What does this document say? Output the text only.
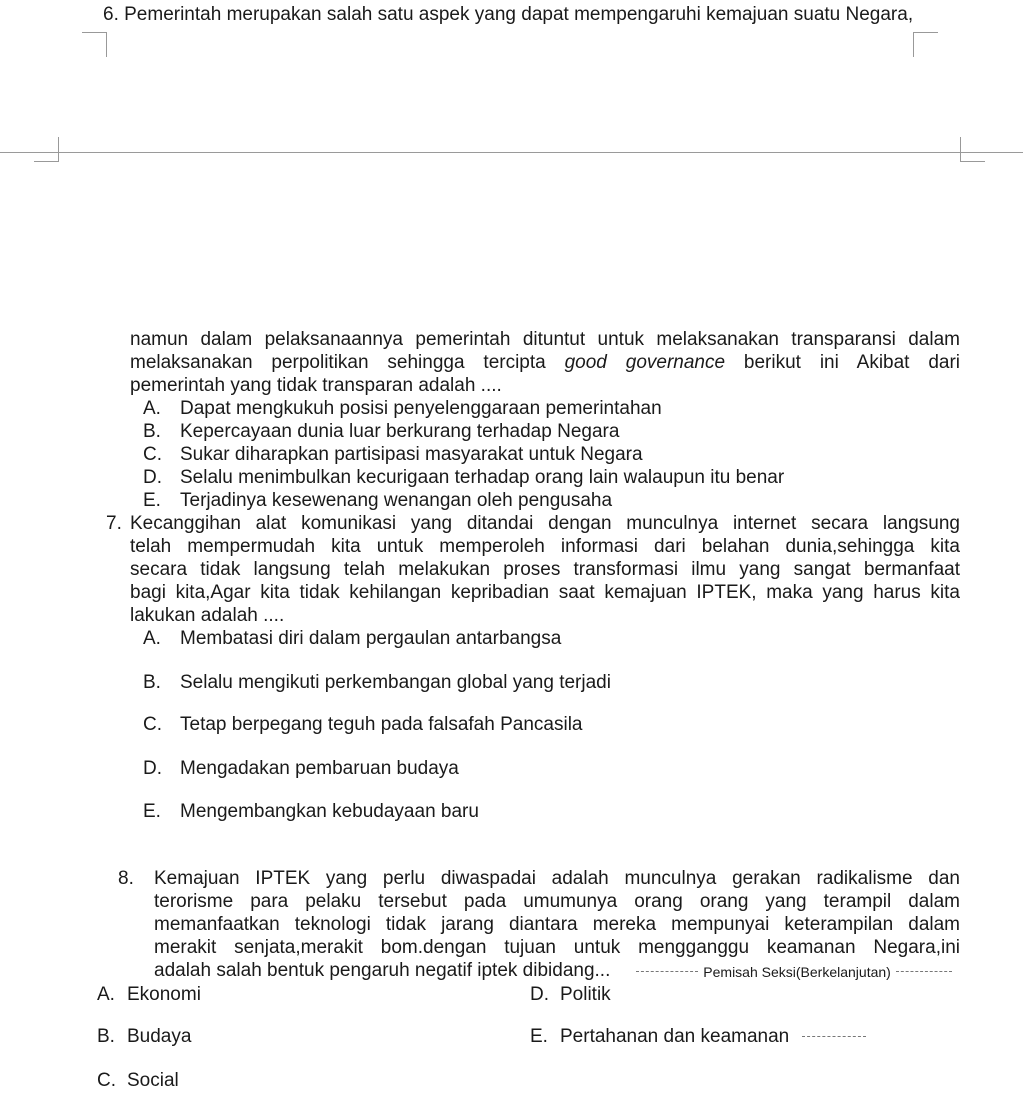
6. Pemerintah merupakan salah satu aspek yang dapat mempengaruhi kemajuan suatu Negara,
namun dalam pelaksanaannya pemerintah dituntut untuk melaksanakan transparansi dalam
melaksanakan perpolitikan sehingga tercipta good governance berikut ini Akibat dari
pemerintah yang tidak transparan adalah ....
A. Dapat mengkukuh posisi penyelenggaraan pemerintahan
B. Kepercayaan dunia luar berkurang terhadap Negara
C. Sukar diharapkan partisipasi masyarakat untuk Negara
D. Selalu menimbulkan kecurigaan terhadap orang lain walaupun itu benar
E. Terjadinya kesewenang wenangan oleh pengusaha
7. Kecanggihan alat komunikasi yang ditandai dengan munculnya internet secara langsung
telah mempermudah kita untuk memperoleh informasi dari belahan dunia,sehingga kita
secara tidak langsung telah melakukan proses transformasi ilmu yang sangat bermanfaat
bagi kita,Agar kita tidak kehilangan kepribadian saat kemajuan IPTEK, maka yang harus kita
lakukan adalah ....
A. Membatasi diri dalam pergaulan antarbangsa
B. Selalu mengikuti perkembangan global yang terjadi
C. Tetap berpegang teguh pada falsafah Pancasila
D. Mengadakan pembaruan budaya
E. Mengembangkan kebudayaan baru
8. Kemajuan IPTEK yang perlu diwaspadai adalah munculnya gerakan radikalisme dan
terorisme para pelaku tersebut pada umumunya orang orang yang terampil dalam
memanfaatkan teknologi tidak jarang diantara mereka mempunyai keterampilan dalam
merakit senjata,merakit bom.dengan tujuan untuk mengganggu keamanan Negara,ini
adalah salah bentuk pengaruh negatif iptek dibidang...	Pemisah Seksi(Berkelanjutan)
A. Ekonomi	D. Politik
B. Budaya	E. Pertahanan dan keamanan
C. Social
